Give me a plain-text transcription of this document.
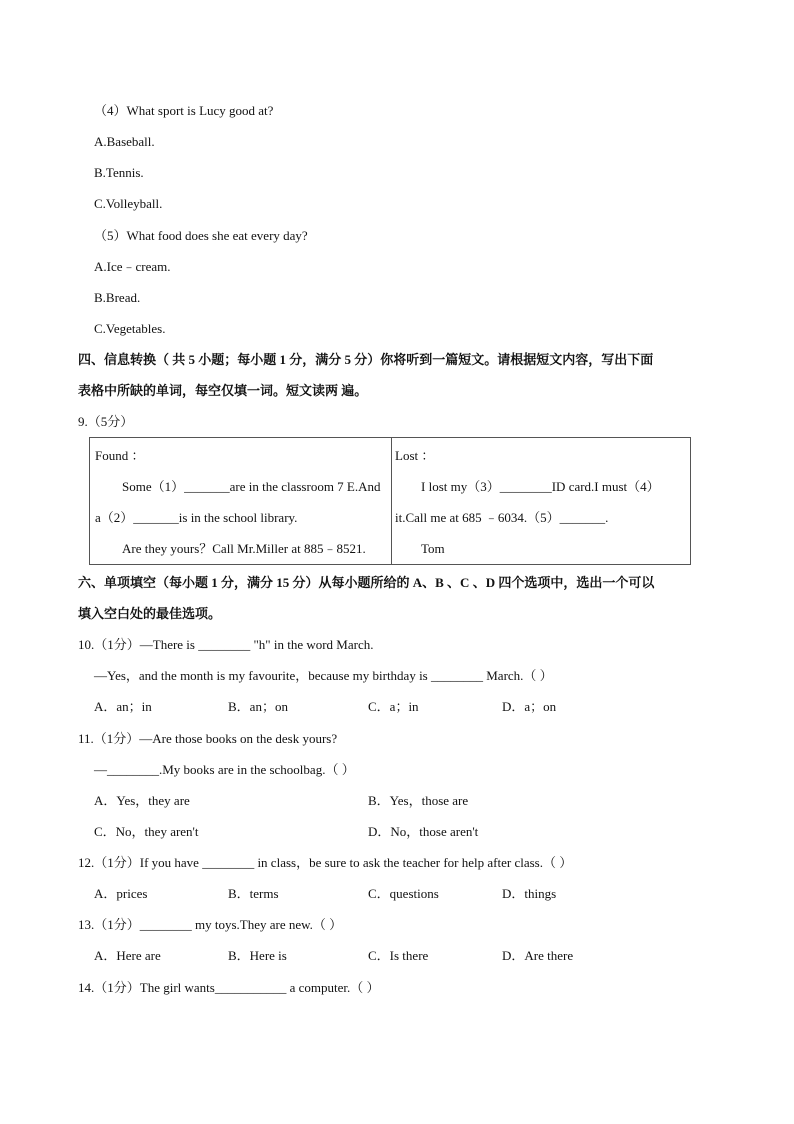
（4）What sport is Lucy good at?
A.Baseball.
B.Tennis.
C.Volleyball.
（5）What food does she eat every day?
A.Ice﹣cream.
B.Bread.
C.Vegetables.
四、信息转换（ 共 5 小题；每小题 1 分，满分 5 分）你将听到一篇短文。请根据短文内容，写出下面
表格中所缺的单词，每空仅填一词。短文读两 遍。
9.（5分）
Found ：
Some（1）_______are in the classroom 7 E.And
a（2）_______is in the school library.
Are they yours？Call Mr.Miller at 885﹣8521.
Lost ：
I lost my（3）________ID card.I must（4）
it.Call me at 685 ﹣6034.（5）_______.
Tom
六、单项填空（每小题 1 分，满分 15 分）从每小题所给的 A、B 、C 、D 四个选项中，选出一个可以
填入空白处的最佳选项。
10.（1分）—There is ________ "h" in the word March.
—Yes，and the month is my favourite，because my birthday is ________ March.（ ）
A．an；in	B．an；on	C．a；in	D．a；on
11.（1分）—Are those books on the desk yours?
—________.My books are in the schoolbag.（ ）
A．Yes，they are	B．Yes，those are
C．No，they aren't	D．No，those aren't
12.（1分）If you have ________ in class，be sure to ask the teacher for help after class.（ ）
A．prices	B．terms	C．questions	D．things
13.（1分）________ my toys.They are new.（ ）
A．Here are	B．Here is	C．Is there	D．Are there
14.（1分）The girl wants___________ a computer.（ ）
